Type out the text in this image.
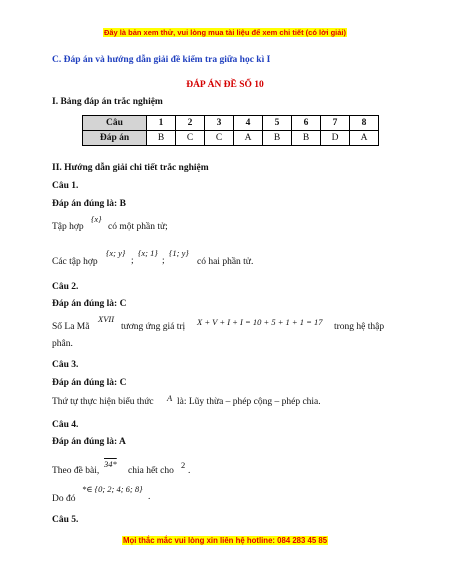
Đây là bản xem thử, vui lòng mua tài liệu để xem chi tiết (có lời giải)
C. Đáp án và hướng dẫn giải đề kiểm tra giữa học kì I
ĐÁP ÁN ĐỀ SỐ 10
I. Bảng đáp án trắc nghiệm
Câu	1	2	3	4	5	6	7	8
Đáp án	B	C	C	A	B	B	D	A
II. Hướng dẫn giải chi tiết trắc nghiệm
Câu 1.
Đáp án đúng là: B
Tập hợp
{x}
có một phần tử;
Các tập hợp
{x; y}
;
{x; 1}
;
{1; y}
có hai phần tử.
Câu 2.
Đáp án đúng là: C
Số La Mã
XVII
tương ứng giá trị X + V + I + I = 10 + 5 + 1 + 1 = 17 trong hệ thập
phân.
Câu 3.
Đáp án đúng là: C
Thứ tự thực hiện biểu thức A là: Lũy thừa – phép cộng – phép chia.
Câu 4.
Đáp án đúng là: A
Theo đề bài,
34*
chia hết cho
2
.
Do đó
*∈ {0; 2; 4; 6; 8}
.
Câu 5.
Mọi thắc mắc vui lòng xin liên hệ hotline: 084 283 45 85
